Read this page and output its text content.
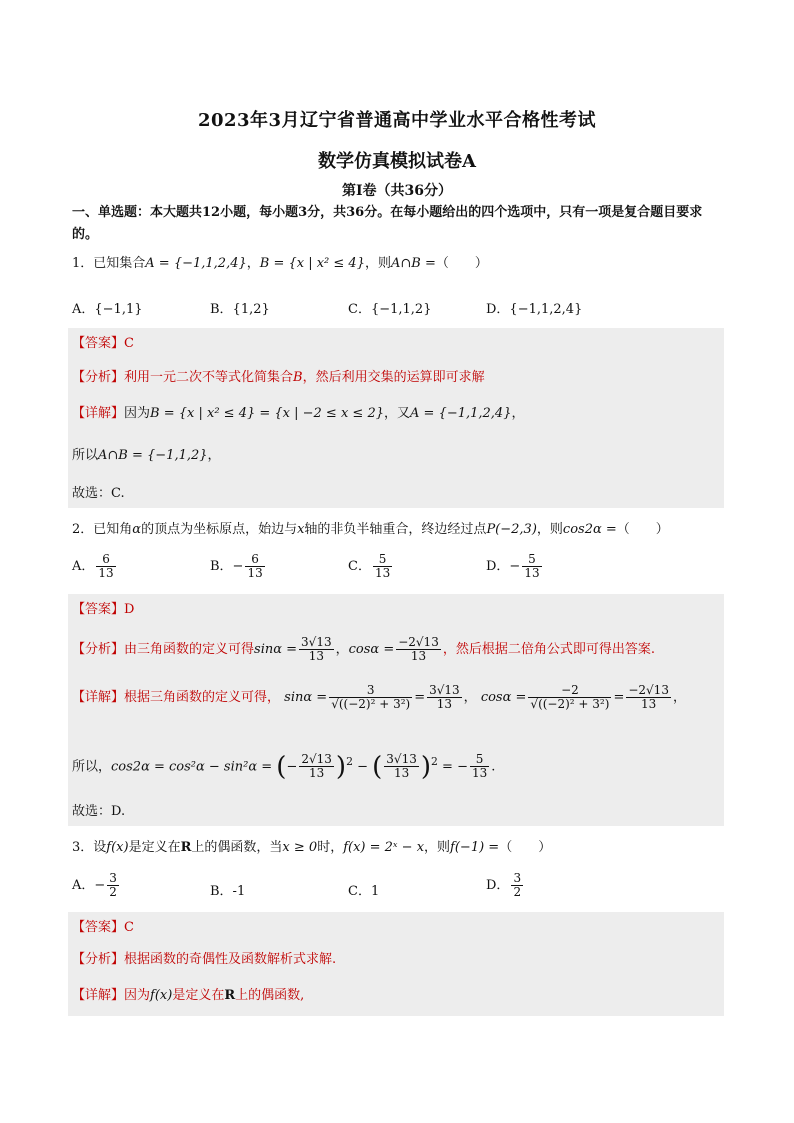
2023年3月辽宁省普通高中学业水平合格性考试
数学仿真模拟试卷A
第I卷（共36分）
一、单选题：本大题共12小题，每小题3分，共36分。在每小题给出的四个选项中，只有一项是复合题目要求的。
1．已知集合A = {−1,1,2,4}，B = {x | x² ≤ 4}，则A∩B =（　　）
A．{−1,1}	B．{1,2}	C．{−1,1,2}	D．{−1,1,2,4}
【答案】C
【分析】利用一元二次不等式化简集合B，然后利用交集的运算即可求解
【详解】因为B = {x | x² ≤ 4} = {x | −2 ≤ x ≤ 2}，又A = {−1,1,2,4}，
所以A∩B = {−1,1,2}，
故选：C.
2．已知角α的顶点为坐标原点，始边与x轴的非负半轴重合，终边经过点P(−2,3)，则cos2α =（　　）
A． $\frac{6}{13}$	B．− $\frac{6}{13}$	C． $\frac{5}{13}$	D．− $\frac{5}{13}$
【答案】D
【分析】由三角函数的定义可得$\sin\alpha = \frac{3√13}{13}$ ，$\cos\alpha = \frac{-2√13}{13}$ ，然后根据二倍角公式即可得出答案.
【详解】根据三角函数的定义可得， $\sin\alpha = \frac{3}{\text{√((−2)² + 3²)}} = \frac{3√13}{13}$ ， $\cos\alpha = \frac{-2}{\text{√((−2)² + 3²)}} = \frac{-2√13}{13}$ ，
所以，cos2α = cos²α − sin²α = (− $\frac{2√13}{13} )^2$ − ( $\frac{3√13}{13} )^2$ = − $\frac{5}{13}$ .
故选：D.
3．设f(x)是定义在R上的偶函数，当x ≥ 0时，f(x) = 2ˣ − x，则f(−1) =（　　）
A．− $\frac{3}{2}$	B．-1	C．1	D． $\frac{3}{2}$
【答案】C
【分析】根据函数的奇偶性及函数解析式求解.
【详解】因为f(x)是定义在R上的偶函数,
